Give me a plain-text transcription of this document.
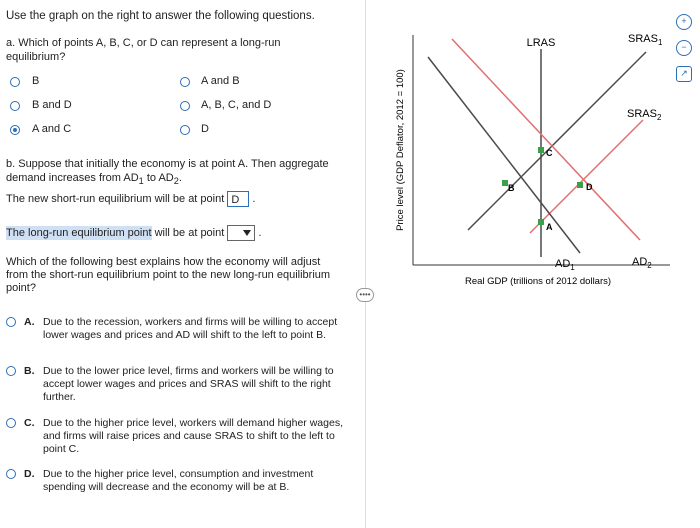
Use the graph on the right to answer the following questions.
a. Which of points A, B, C, or D can represent a long-run equilibrium?
B
B and D
A and C
A and B
A, B, C, and D
D
b. Suppose that initially the economy is at point A. Then aggregate
demand increases from $AD_1$ to $AD_2$.
The new short-run equilibrium will be at point D .
The long-run equilibrium point will be at point	.
Which of the following best explains how the economy will adjust from the short-run equilibrium point to the new long-run equilibrium point?
A. Due to the recession, workers and firms will be willing to accept lower wages and prices and AD will shift to the left to point B.
B. Due to the lower price level, firms and workers will be willing to accept lower wages and prices and SRAS will shift to the right further.
C. Due to the higher price level, workers will demand higher wages, and firms will raise prices and cause SRAS to shift to the left to point C.
D. Due to the higher price level, consumption and investment spending will decrease and the economy will be at B.
••••
Price level (GDP Deflator, 2012 = 100)
Real GDP (trillions of 2012 dollars)
LRAS	$SRAS_1$
$SRAS_2$
$AD_1$	$AD_2$
A
B
C
D
+
−
↗
